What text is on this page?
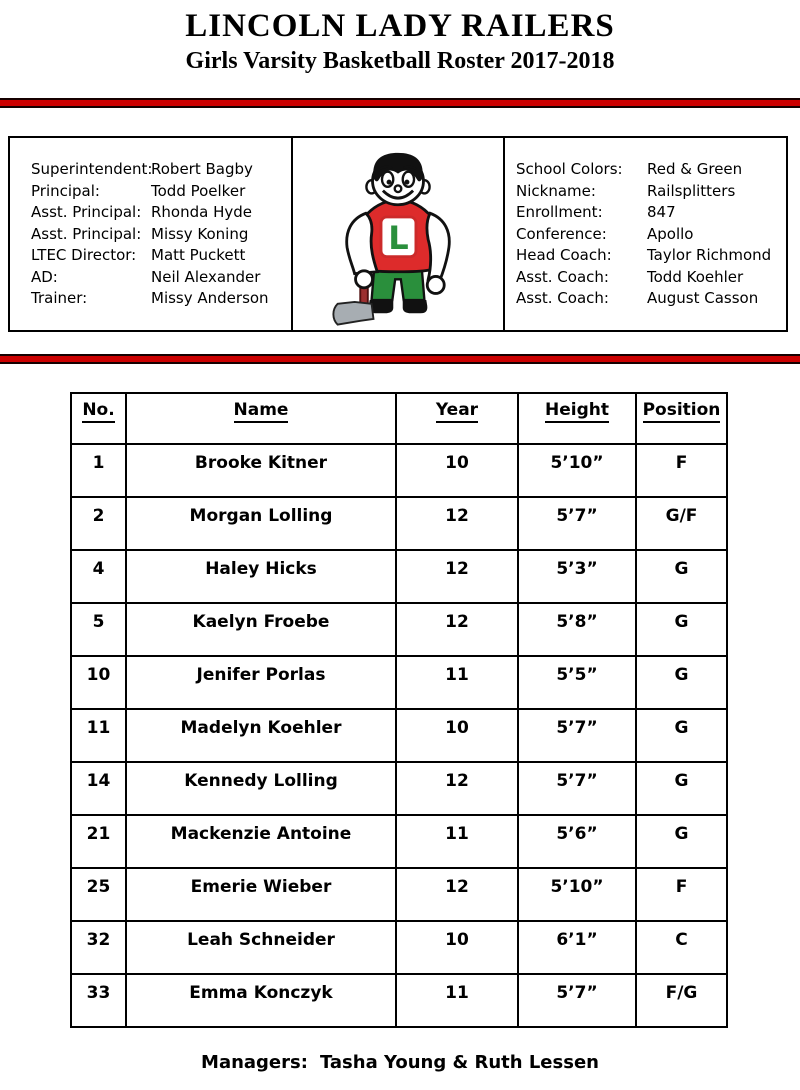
LINCOLN LADY RAILERS
Girls Varsity Basketball Roster 2017-2018
Superintendent:Robert Bagby
Principal:	Todd Poelker
Asst. Principal: Rhonda Hyde
Asst. Principal: Missy Koning
LTEC Director: Matt Puckett
AD:	Neil Alexander
Trainer:	Missy Anderson
L
School Colors: Red & Green
Nickname:	Railsplitters
Enrollment:	847
Conference:	Apollo
Head Coach: Taylor Richmond
Asst. Coach:	Todd Koehler
Asst. Coach:	August Casson
No.	Name	Year	Height	Position
1	Brooke Kitner	10	5’10”	F
2	Morgan Lolling	12	5’7”	G/F
4	Haley Hicks	12	5’3”	G
5	Kaelyn Froebe	12	5’8”	G
10	Jenifer Porlas	11	5’5”	G
11	Madelyn Koehler	10	5’7”	G
14	Kennedy Lolling	12	5’7”	G
21	Mackenzie Antoine	11	5’6”	G
25	Emerie Wieber	12	5’10”	F
32	Leah Schneider	10	6’1”	C
33	Emma Konczyk	11	5’7”	F/G
Managers: Tasha Young & Ruth Lessen
